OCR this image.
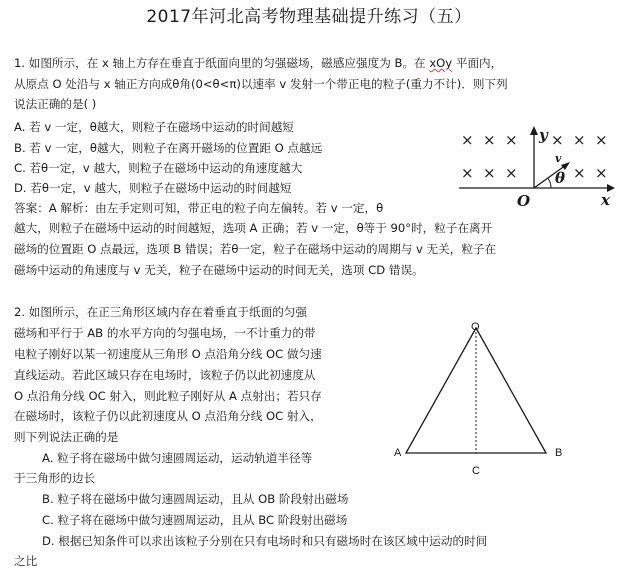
2017年河北高考物理基础提升练习（五）
1. 如图所示，在 x 轴上方存在垂直于纸面向里的匀强磁场，磁感应强度为 B。在 xOy 平面内，
从原点 O 处沿与 x 轴正方向成θ角(0<θ<π)以速率 v 发射一个带正电的粒子(重力不计)．则下列
说法正确的是( )
A. 若 v 一定，θ越大，则粒子在磁场中运动的时间越短
B. 若 v 一定，θ越大，则粒子在离开磁场的位置距 O 点越远
C. 若θ一定，v 越大，则粒子在磁场中运动的角速度越大
D. 若θ一定，v 越大，则粒子在磁场中运动的时间越短
答案：A 解析：由左手定则可知，带正电的粒子向左偏转。若 v 一定，θ
越大，则粒子在磁场中运动的时间越短，选项 A 正确；若 v 一定，θ等于 90°时，粒子在离开
磁场的位置距 O 点最远，选项 B 错误；若θ一定，粒子在磁场中运动的周期与 v 无关，粒子在
磁场中运动的角速度与 v 无关，粒子在磁场中运动的时间无关，选项 CD 错误。
× × × × × ×
× × ×	× ×
y
x
O
θ
v
2. 如图所示，在正三角形区域内存在着垂直于纸面的匀强
磁场和平行于 AB 的水平方向的匀强电场，一不计重力的带
电粒子刚好以某一初速度从三角形 O 点沿角分线 OC 做匀速
直线运动。若此区域只存在电场时，该粒子仍以此初速度从
O 点沿角分线 OC 射入，则此粒子刚好从 A 点射出；若只存
在磁场时，该粒子仍以此初速度从 O 点沿角分线 OC 射入，
则下列说法正确的是
A. 粒子将在磁场中做匀速圆周运动，运动轨道半径等
于三角形的边长
B. 粒子将在磁场中做匀速圆周运动，且从 OB 阶段射出磁场
C. 粒子将在磁场中做匀速圆周运动，且从 BC 阶段射出磁场
D. 根据已知条件可以求出该粒子分别在只有电场时和只有磁场时在该区域中运动的时间
之比
O
A	B
C
